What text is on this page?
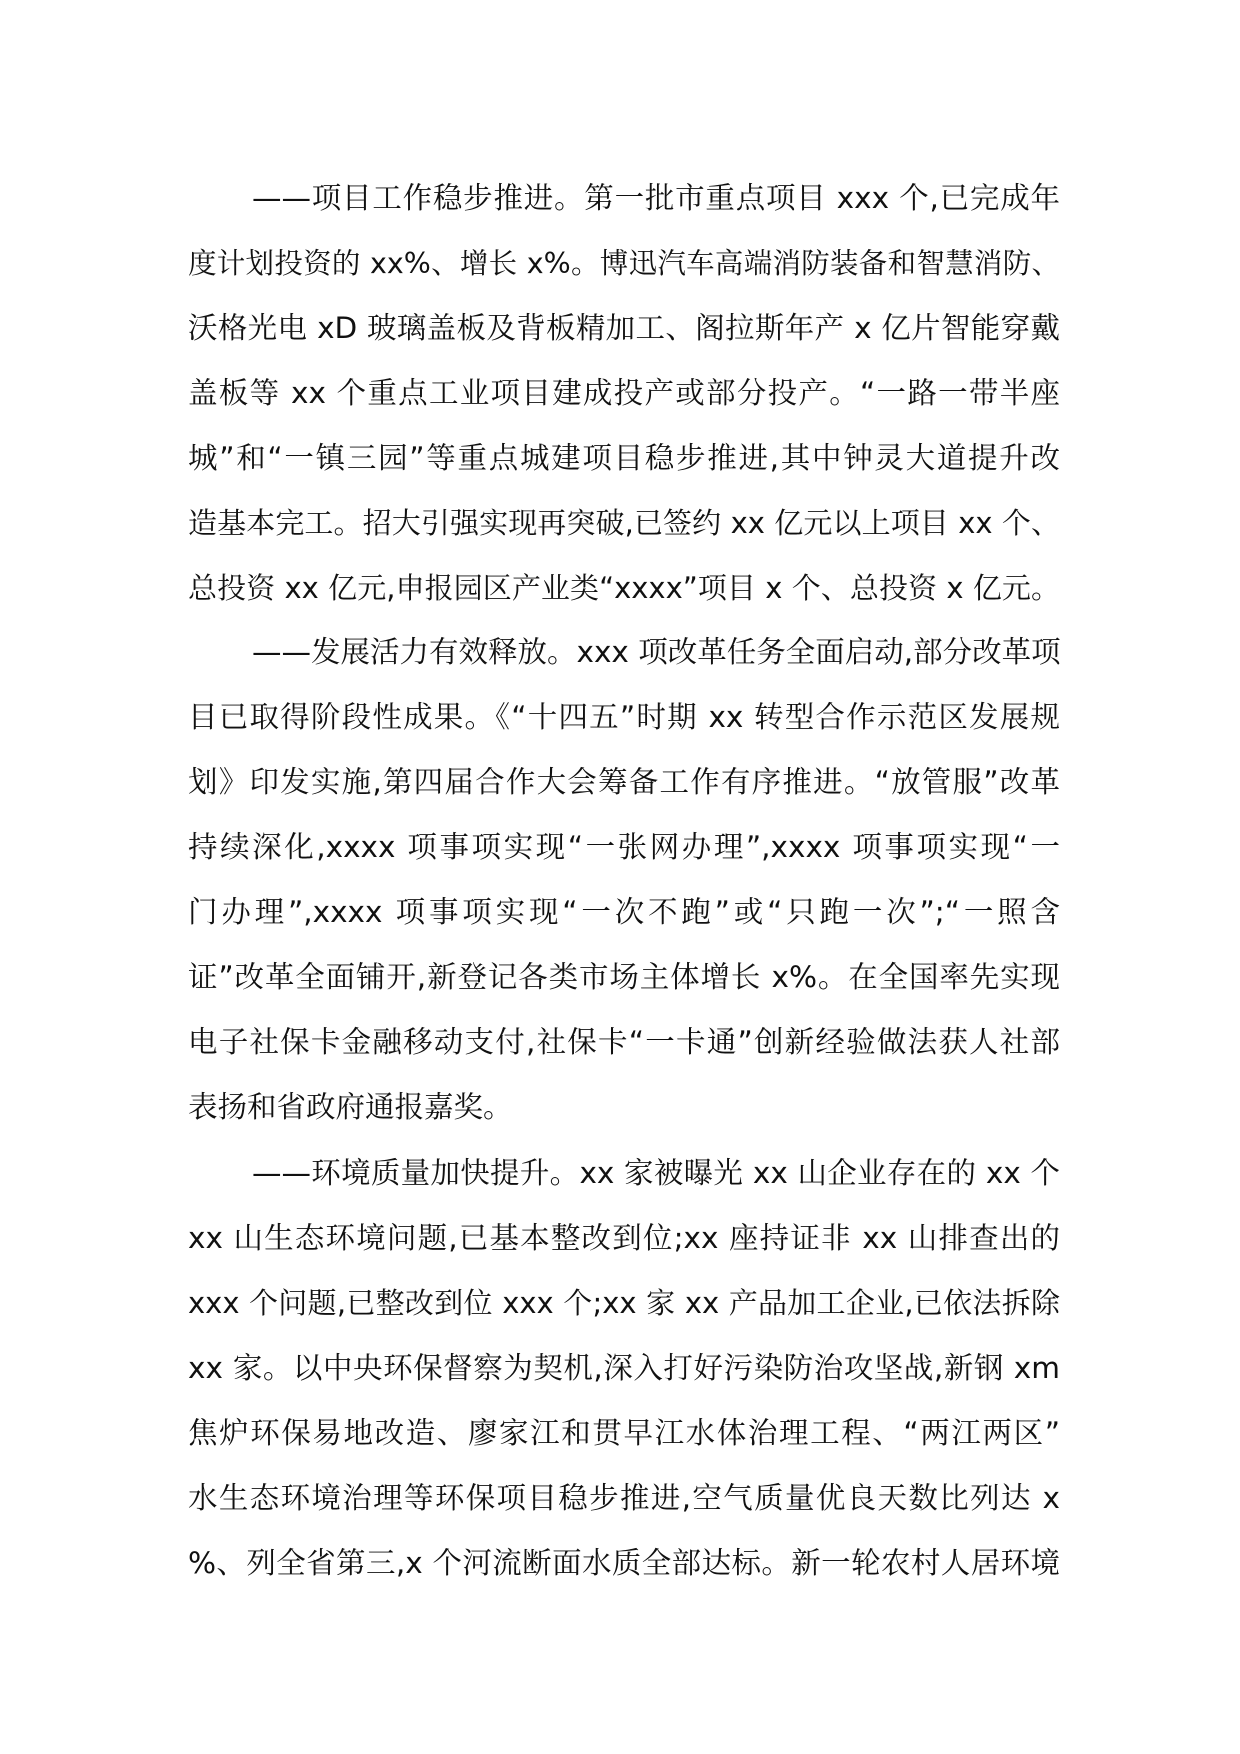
——项目工作稳步推进。第一批市重点项目 xxx 个,已完成年
度计划投资的 xx%、增长 x%。博迅汽车高端消防装备和智慧消防、
沃格光电 xD 玻璃盖板及背板精加工、阁拉斯年产 x 亿片智能穿戴
盖板等 xx 个重点工业项目建成投产或部分投产。“一路一带半座
城”和“一镇三园”等重点城建项目稳步推进,其中钟灵大道提升改
造基本完工。招大引强实现再突破,已签约 xx 亿元以上项目 xx 个、
总投资 xx 亿元,申报园区产业类“xxxx”项目 x 个、总投资 x 亿元。
——发展活力有效释放。xxx 项改革任务全面启动,部分改革项
目已取得阶段性成果。《“十四五”时期 xx 转型合作示范区发展规
划》印发实施,第四届合作大会筹备工作有序推进。“放管服”改革
持续深化,xxxx 项事项实现“一张网办理”,xxxx 项事项实现“一
门办理”,xxxx 项事项实现“一次不跑”或“只跑一次”;“一照含
证”改革全面铺开,新登记各类市场主体增长 x%。在全国率先实现
电子社保卡金融移动支付,社保卡“一卡通”创新经验做法获人社部
表扬和省政府通报嘉奖。
——环境质量加快提升。xx 家被曝光 xx 山企业存在的 xx 个
xx 山生态环境问题,已基本整改到位;xx 座持证非 xx 山排查出的
xxx 个问题,已整改到位 xxx 个;xx 家 xx 产品加工企业,已依法拆除
xx 家。以中央环保督察为契机,深入打好污染防治攻坚战,新钢 xm
焦炉环保易地改造、廖家江和贯早江水体治理工程、“两江两区”
水生态环境治理等环保项目稳步推进,空气质量优良天数比列达 x
%、列全省第三,x 个河流断面水质全部达标。新一轮农村人居环境
